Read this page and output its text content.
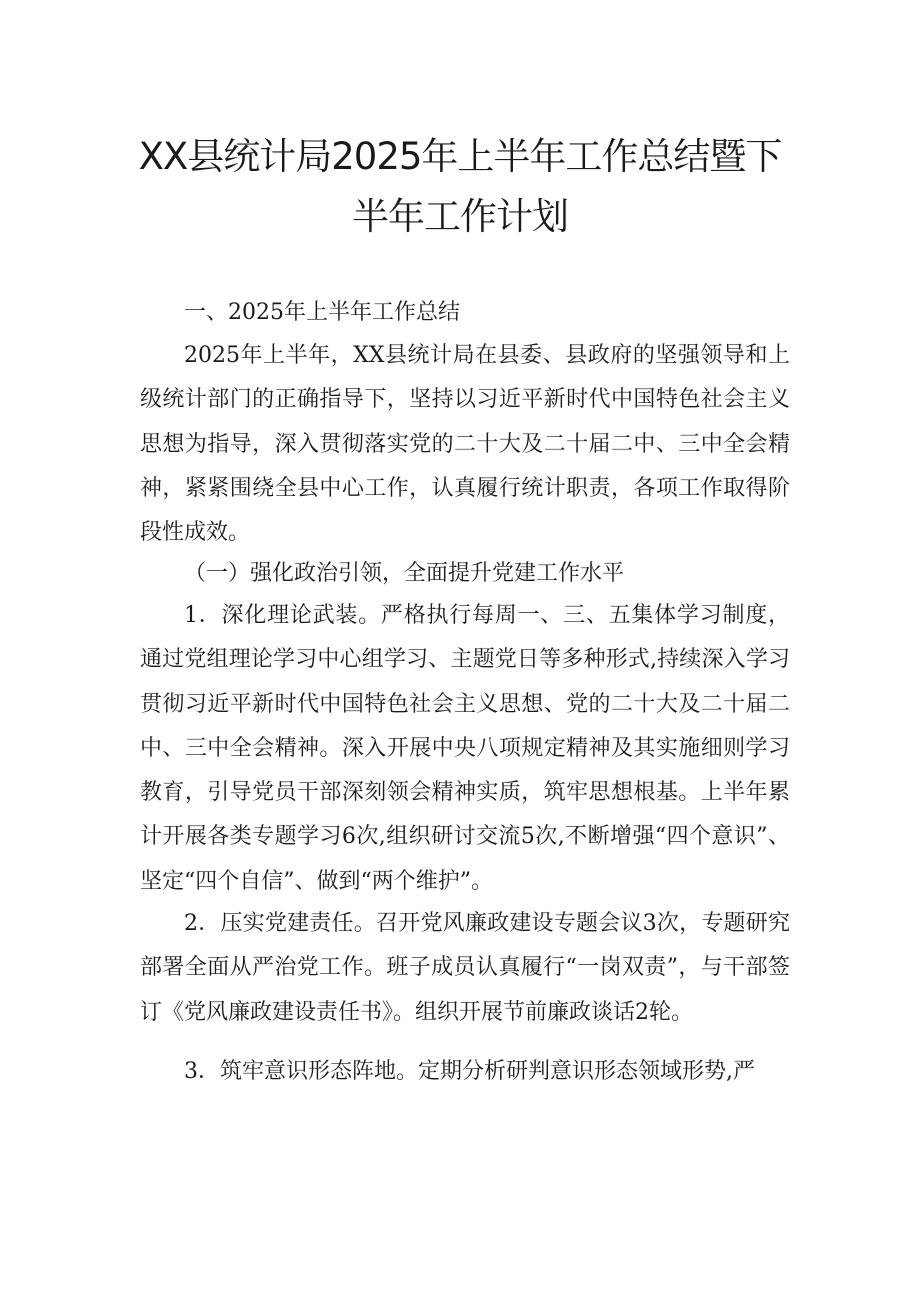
XX县统计局2025年上半年工作总结暨下
半年工作计划

一、2025年上半年工作总结

2025年上半年，XX县统计局在县委、县政府的坚强领导和上级统计部门的正确指导下，坚持以习近平新时代中国特色社会主义思想为指导，深入贯彻落实党的二十大及二十届二中、三中全会精神，紧紧围绕全县中心工作，认真履行统计职责，各项工作取得阶段性成效。

（一）强化政治引领，全面提升党建工作水平

1．深化理论武装。严格执行每周一、三、五集体学习制度，通过党组理论学习中心组学习、主题党日等多种形式,持续深入学习贯彻习近平新时代中国特色社会主义思想、党的二十大及二十届二中、三中全会精神。深入开展中央八项规定精神及其实施细则学习教育，引导党员干部深刻领会精神实质，筑牢思想根基。上半年累计开展各类专题学习6次,组织研讨交流5次,不断增强“四个意识”、坚定“四个自信”、做到“两个维护”。

2．压实党建责任。召开党风廉政建设专题会议3次，专题研究部署全面从严治党工作。班子成员认真履行“一岗双责”，与干部签订《党风廉政建设责任书》。组织开展节前廉政谈话2轮。

3．筑牢意识形态阵地。定期分析研判意识形态领域形势,严
